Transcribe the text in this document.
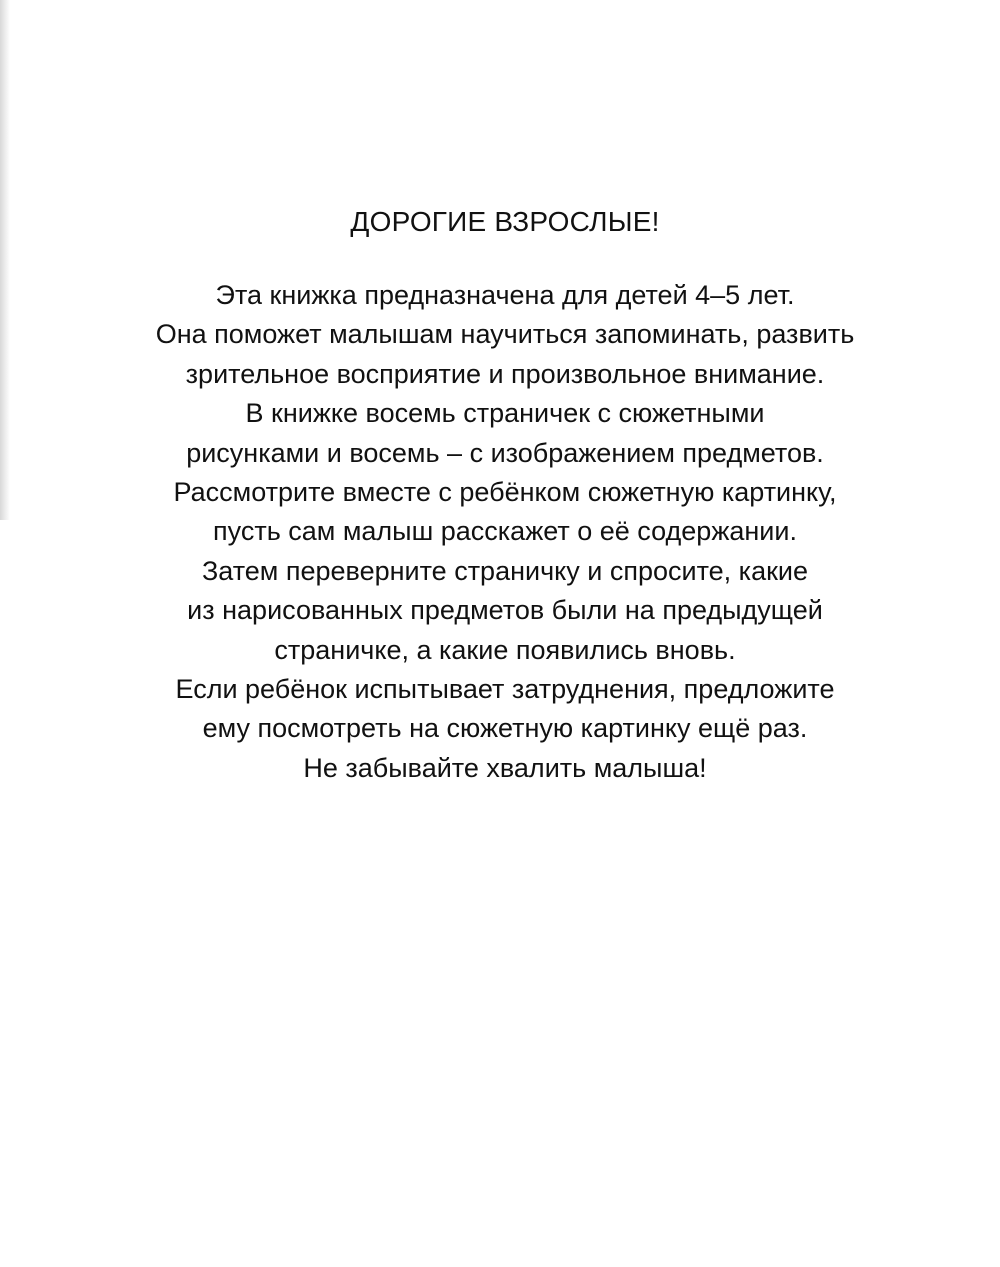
ДОРОГИЕ ВЗРОСЛЫЕ!
Эта книжка предназначена для детей 4–5 лет.
Она поможет малышам научиться запоминать, развить
зрительное восприятие и произвольное внимание.
В книжке восемь страничек с сюжетными
рисунками и восемь – с изображением предметов.
Рассмотрите вместе с ребёнком сюжетную картинку,
пусть сам малыш расскажет о её содержании.
Затем переверните страничку и спросите, какие
из нарисованных предметов были на предыдущей
страничке, а какие появились вновь.
Если ребёнок испытывает затруднения, предложите
ему посмотреть на сюжетную картинку ещё раз.
Не забывайте хвалить малыша!
